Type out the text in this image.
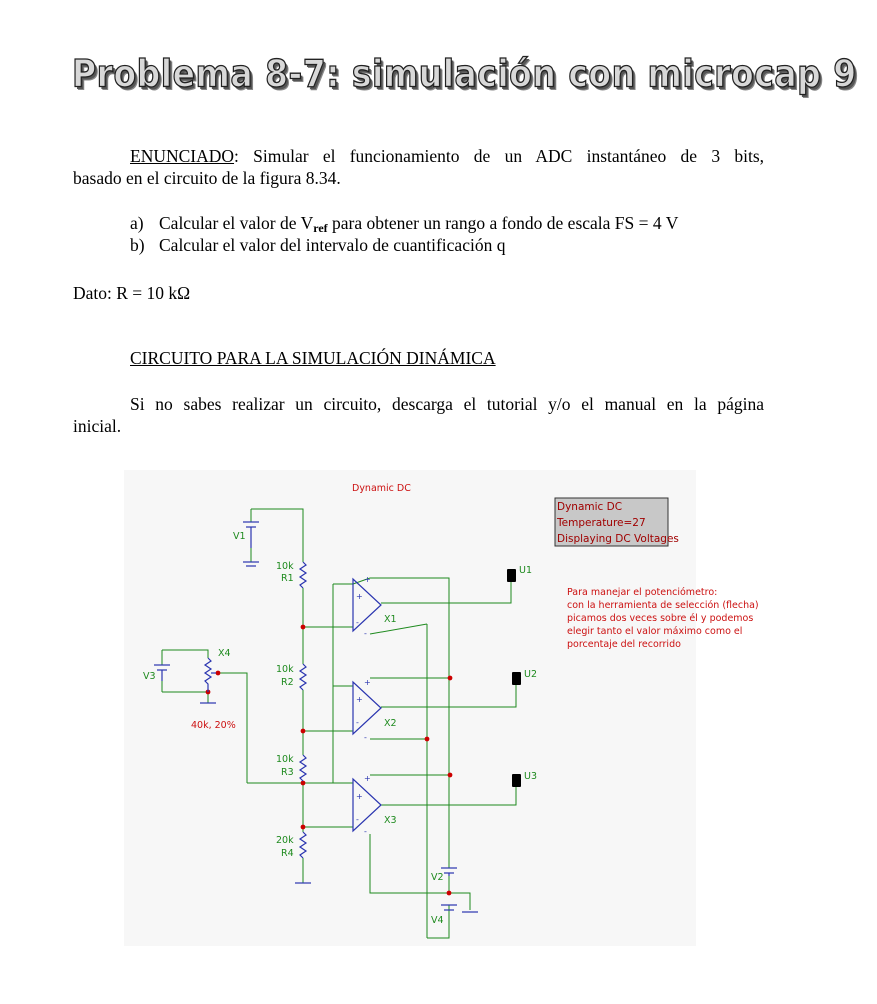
Problema 8-7: simulación con microcap 9

ENUNCIADO: Simular el funcionamiento de un ADC instantáneo de 3 bits,

basado en el circuito de la figura 8.34.

a) Calcular el valor de $V_{ref}$ para obtener un rango a fondo de escala FS = 4 V
b) Calcular el valor del intervalo de cuantificación q

Dato: R = 10 kΩ

CIRCUITO PARA LA SIMULACIÓN DINÁMICA

Si no sabes realizar un circuito, descarga el tutorial y/o el manual en la página

inicial.

+
+
-
-
+
+
-
-
+
+
-
-
Dynamic DC
Temperature=27
Displaying DC Voltages
Dynamic DC
40k, 20%
Para manejar el potenciómetro:
con la herramienta de selección (flecha)
picamos dos veces sobre él y podemos
elegir tanto el valor máximo como el
porcentaje del recorrido
V1
10k
R1
10k
R2
10k
R3
20k
R4
X1
X2
X3
X4
V3
V2
V4
U1
U2
U3
